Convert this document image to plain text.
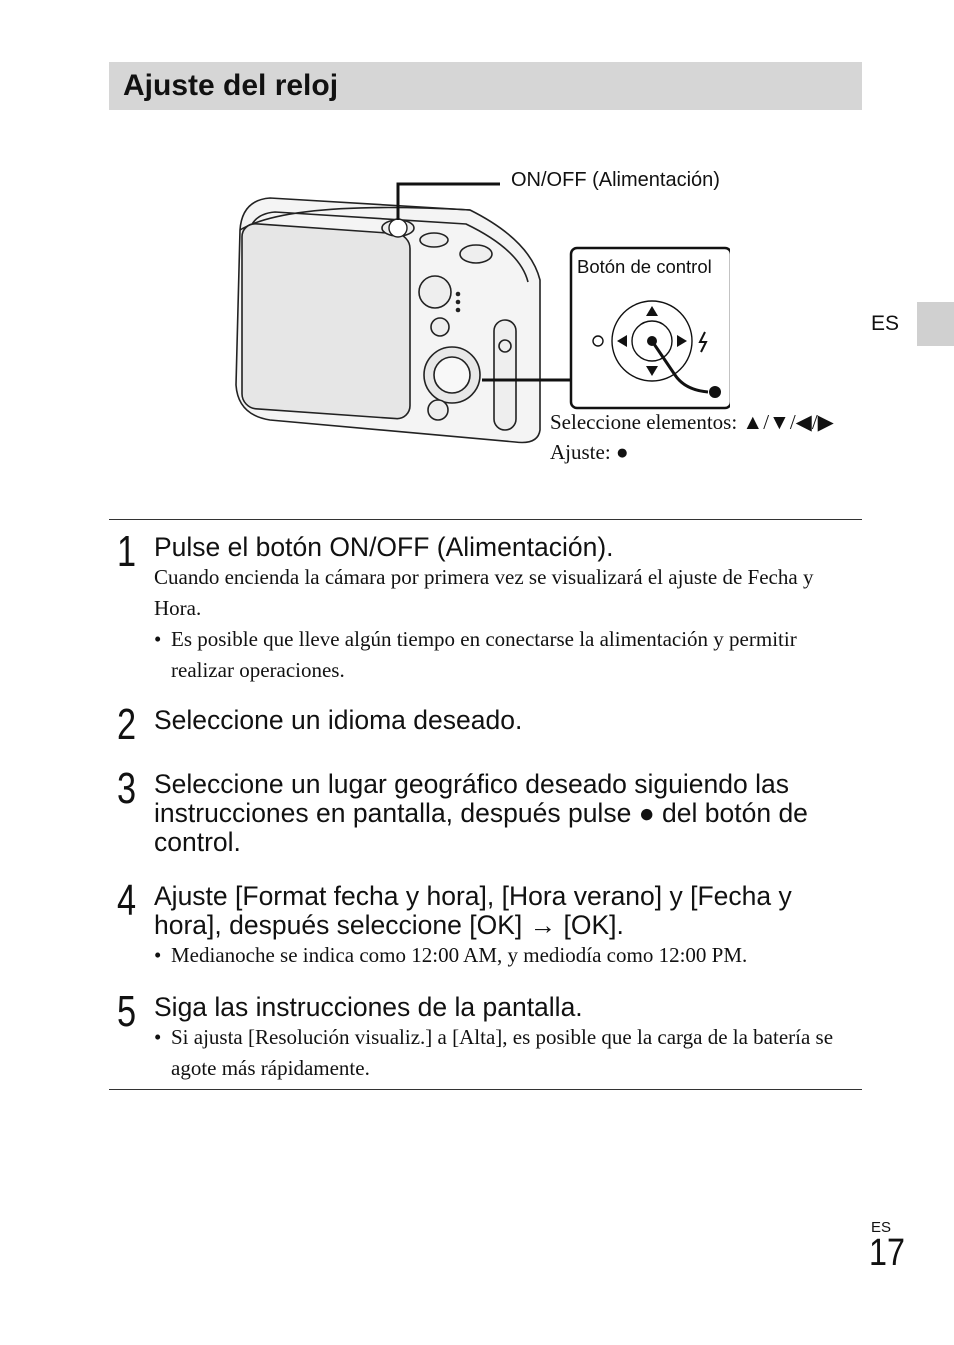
Ajuste del reloj
ES
ON/OFF (Alimentación)
Botón de control
Seleccione elementos: ▲/▼/◀/▶
Ajuste: ●
1 Pulse el botón ON/OFF (Alimentación).

Cuando encienda la cámara por primera vez se visualizará el ajuste de Fecha y Hora.

• Es posible que lleve algún tiempo en conectarse la alimentación y permitir realizar operaciones.

2 Seleccione un idioma deseado.

3 Seleccione un lugar geográfico deseado siguiendo las instrucciones en pantalla, después pulse ● del botón de control.

4 Ajuste [Format fecha y hora], [Hora verano] y [Fecha y hora], después seleccione [OK] → [OK].

• Medianoche se indica como 12:00 AM, y mediodía como 12:00 PM.

5 Siga las instrucciones de la pantalla.

• Si ajusta [Resolución visualiz.] a [Alta], es posible que la carga de la batería se agote más rápidamente.

ES
17
